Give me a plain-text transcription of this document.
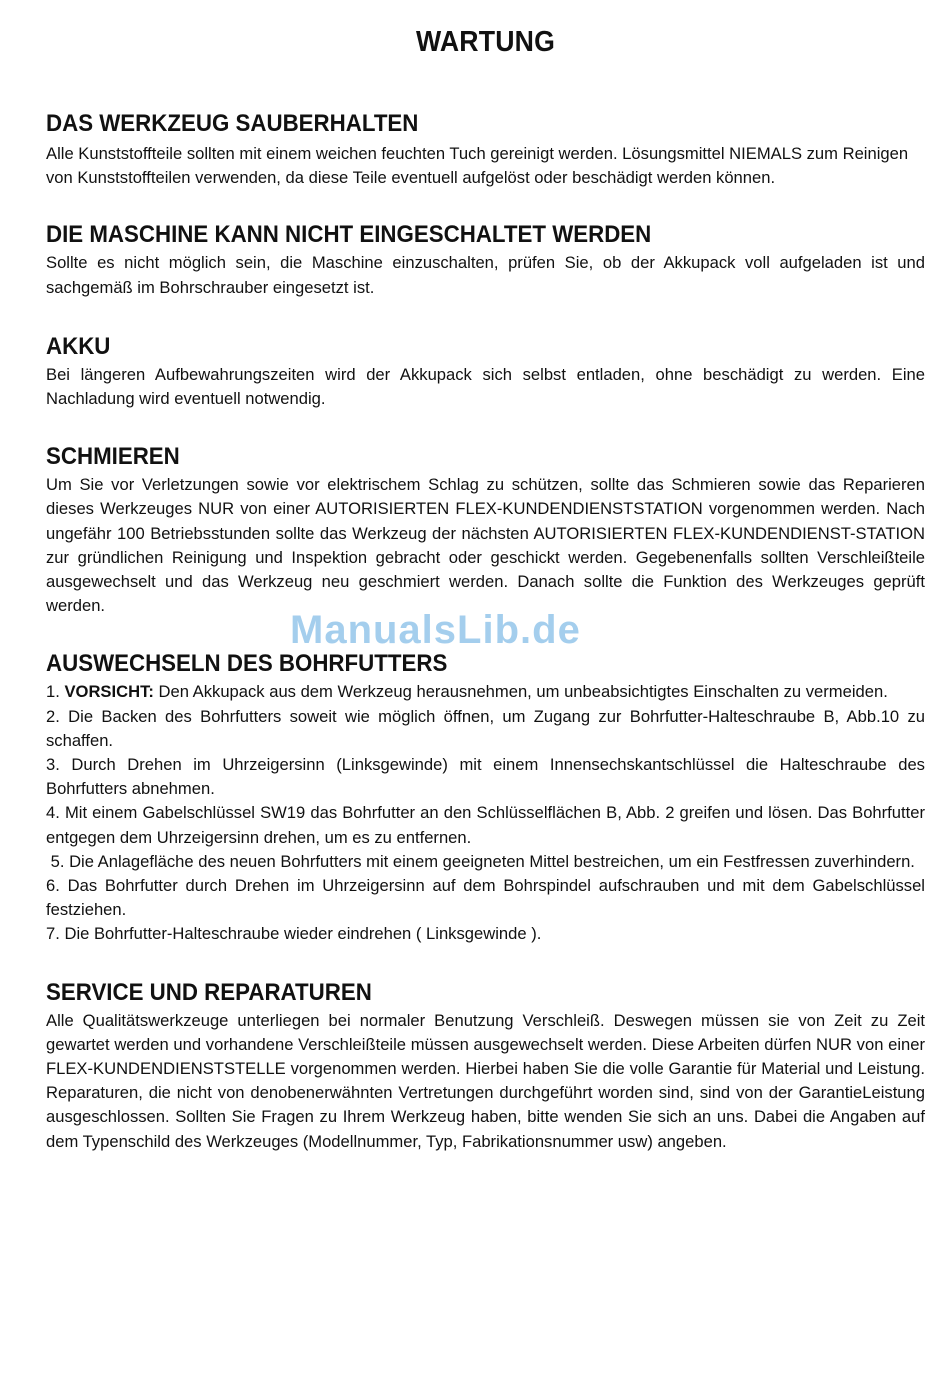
WARTUNG
DAS WERKZEUG SAUBERHALTEN

Alle Kunststoffteile sollten mit einem weichen feuchten Tuch gereinigt werden. Lösungsmittel NIEMALS zum Reinigen von Kunststoffteilen verwenden, da diese Teile eventuell aufgelöst oder beschädigt werden können.

DIE MASCHINE KANN NICHT EINGESCHALTET WERDEN

Sollte es nicht möglich sein, die Maschine einzuschalten, prüfen Sie, ob der Akkupack voll aufgeladen ist und sachgemäß im Bohrschrauber eingesetzt ist.

AKKU

Bei längeren Aufbewahrungszeiten wird der Akkupack sich selbst entladen, ohne beschädigt zu werden. Eine Nachladung wird eventuell notwendig.

SCHMIEREN

Um Sie vor Verletzungen sowie vor elektrischem Schlag zu schützen, sollte das Schmieren sowie das Reparieren dieses Werkzeuges NUR von einer AUTORISIERTEN FLEX-KUNDENDIENSTSTATION vorgenommen werden. Nach ungefähr 100 Betriebsstunden sollte das Werkzeug der nächsten AUTORISIERTEN FLEX-KUNDENDIENST-STATION zur gründlichen Reinigung und Inspektion gebracht oder geschickt werden. Gegebenenfalls sollten Verschleißteile ausgewechselt und das Werkzeug neu geschmiert werden. Danach sollte die Funktion des Werkzeuges geprüft werden.

AUSWECHSELN DES BOHRFUTTERS

1. VORSICHT: Den Akkupack aus dem Werkzeug herausnehmen, um unbeabsichtigtes Einschalten zu vermeiden.

2. Die Backen des Bohrfutters soweit wie möglich öffnen, um Zugang zur Bohrfutter-Halteschraube B, Abb.10 zu schaffen.

3. Durch Drehen im Uhrzeigersinn (Linksgewinde) mit einem Innensechskantschlüssel die Halteschraube des Bohrfutters abnehmen.

4. Mit einem Gabelschlüssel SW19 das Bohrfutter an den Schlüsselflächen B, Abb. 2 greifen und lösen. Das Bohrfutter entgegen dem Uhrzeigersinn drehen, um es zu entfernen.

5. Die Anlagefläche des neuen Bohrfutters mit einem geeigneten Mittel bestreichen, um ein Festfressen zuverhindern.

6. Das Bohrfutter durch Drehen im Uhrzeigersinn auf dem Bohrspindel aufschrauben und mit dem Gabelschlüssel festziehen.

7. Die Bohrfutter-Halteschraube wieder eindrehen ( Linksgewinde ).

SERVICE UND REPARATUREN

Alle Qualitätswerkzeuge unterliegen bei normaler Benutzung Verschleiß. Deswegen müssen sie von Zeit zu Zeit gewartet werden und vorhandene Verschleißteile müssen ausgewechselt werden. Diese Arbeiten dürfen NUR von einer FLEX-KUNDENDIENSTSTELLE vorgenommen werden. Hierbei haben Sie die volle Garantie für Material und Leistung. Reparaturen, die nicht von denobenerwähnten Vertretungen durchgeführt worden sind, sind von der GarantieLeistung ausgeschlossen. Sollten Sie Fragen zu Ihrem Werkzeug haben, bitte wenden Sie sich an uns. Dabei die Angaben auf dem Typenschild des Werkzeuges (Modellnummer, Typ, Fabrikationsnummer usw) angeben.

ManualsLib.de
